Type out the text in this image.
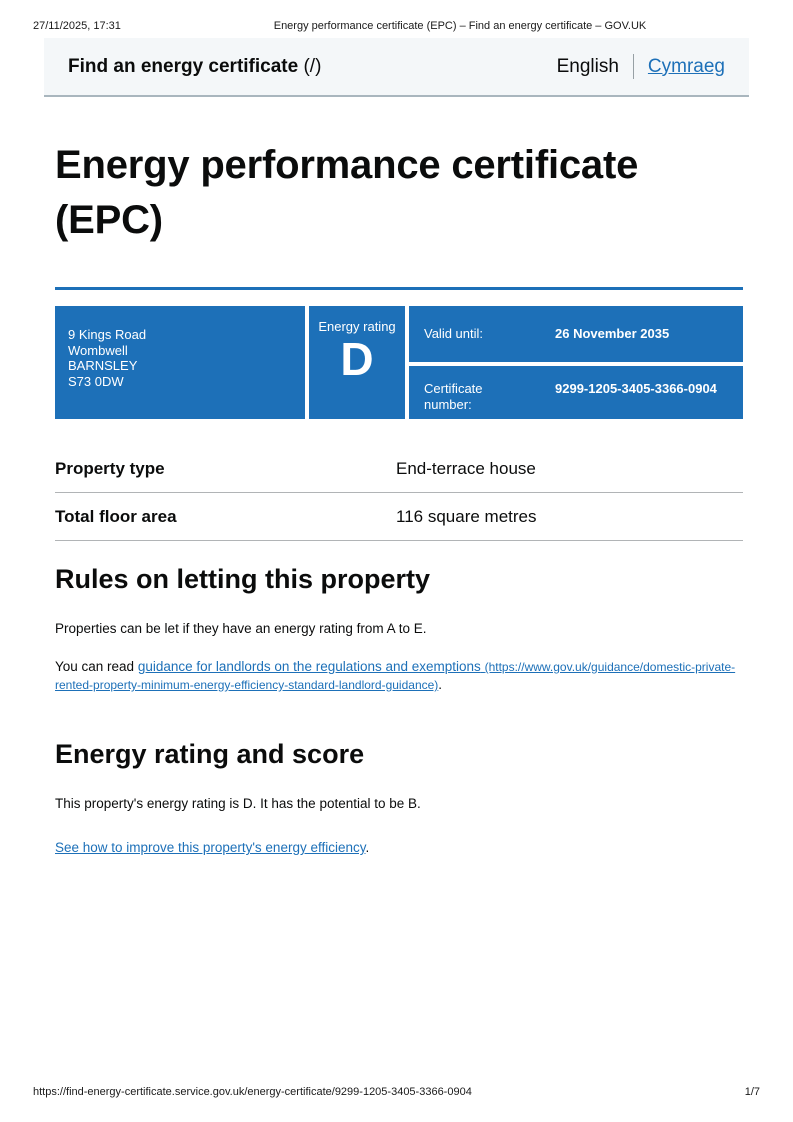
27/11/2025, 17:31	Energy performance certificate (EPC) – Find an energy certificate – GOV.UK
Find an energy certificate (/)	English Cymraeg
Energy performance certificate (EPC)
9 Kings Road
Wombwell
BARNSLEY
S73 0DW
Energy rating
D	Valid until:	26 November 2035
Certificate number:
9299-1205-3405-3366-0904
Property type	End-terrace house
Total floor area	116 square metres
Rules on letting this property

Properties can be let if they have an energy rating from A to E.

You can read guidance for landlords on the regulations and exemptions (https://www.gov.uk/guidance/domestic-private-rented-property-minimum-energy-efficiency-standard-landlord-guidance).

Energy rating and score

This property's energy rating is D. It has the potential to be B.

See how to improve this property's energy efficiency.

https://find-energy-certificate.service.gov.uk/energy-certificate/9299-1205-3405-3366-0904	1/7
